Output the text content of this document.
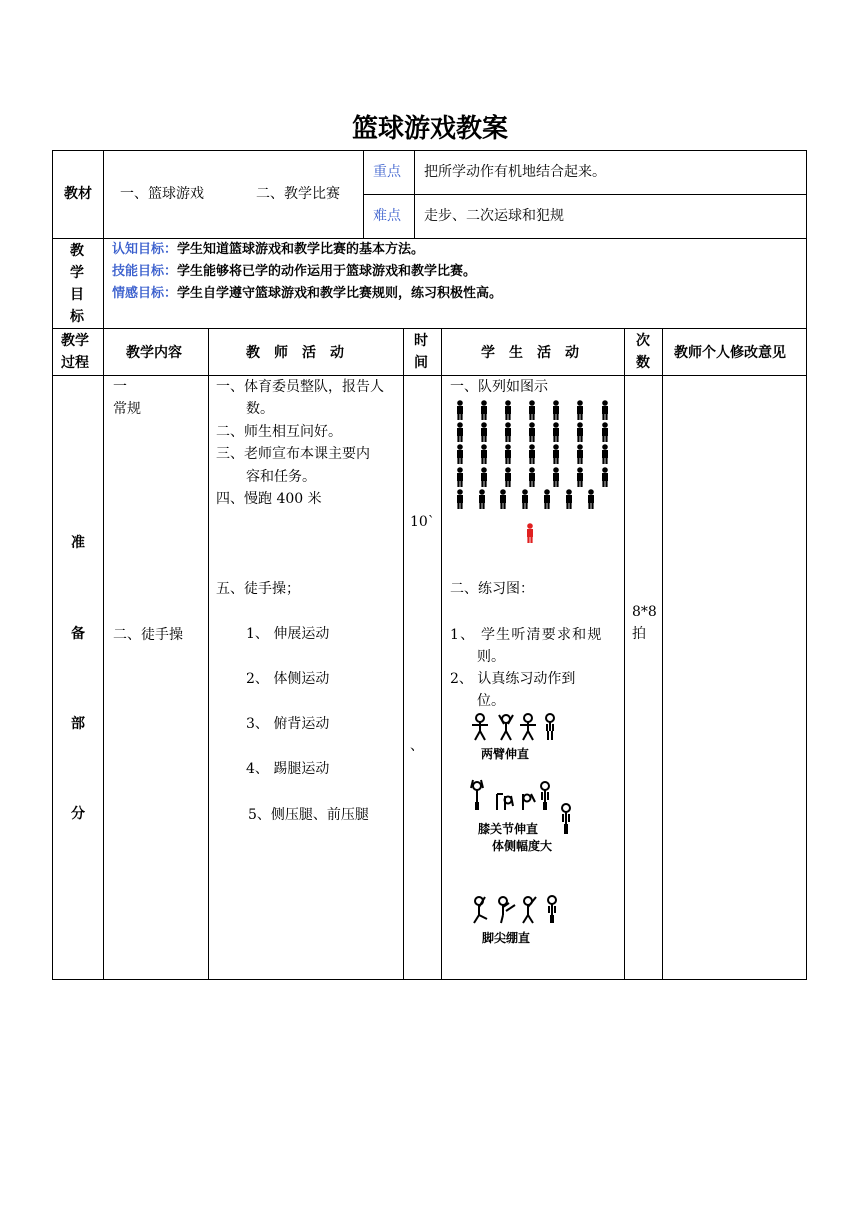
篮球游戏教案
教材 一、篮球游戏	二、教学比赛
重点 把所学动作有机地结合起来。
难点 走步、二次运球和犯规
教
学
目
标
认知目标：学生知道篮球游戏和教学比赛的基本方法。
技能目标：学生能够将已学的动作运用于篮球游戏和教学比赛。
情感目标：学生自学遵守篮球游戏和教学比赛规则，练习积极性高。
教学
过程
教学内容	教　师　活　动
时
间
学　生　活　动
次
数
教师个人修改意见
准
备
部
分
一
常规
二、徒手操
一、体育委员整队，报告人
数。
二、师生相互问好。
三、老师宣布本课主要内
容和任务。
四、慢跑 400 米
五、徒手操；
1、 伸展运动
2、 体侧运动
3、 俯背运动
4、 踢腿运动
5、侧压腿、前压腿
10`
、
8*8
拍
一、队列如图示
二、练习图：
1、 学生听清要求和规
则。
2、 认真练习动作到
位。
两臂伸直
膝关节伸直
体侧幅度大
脚尖绷直
